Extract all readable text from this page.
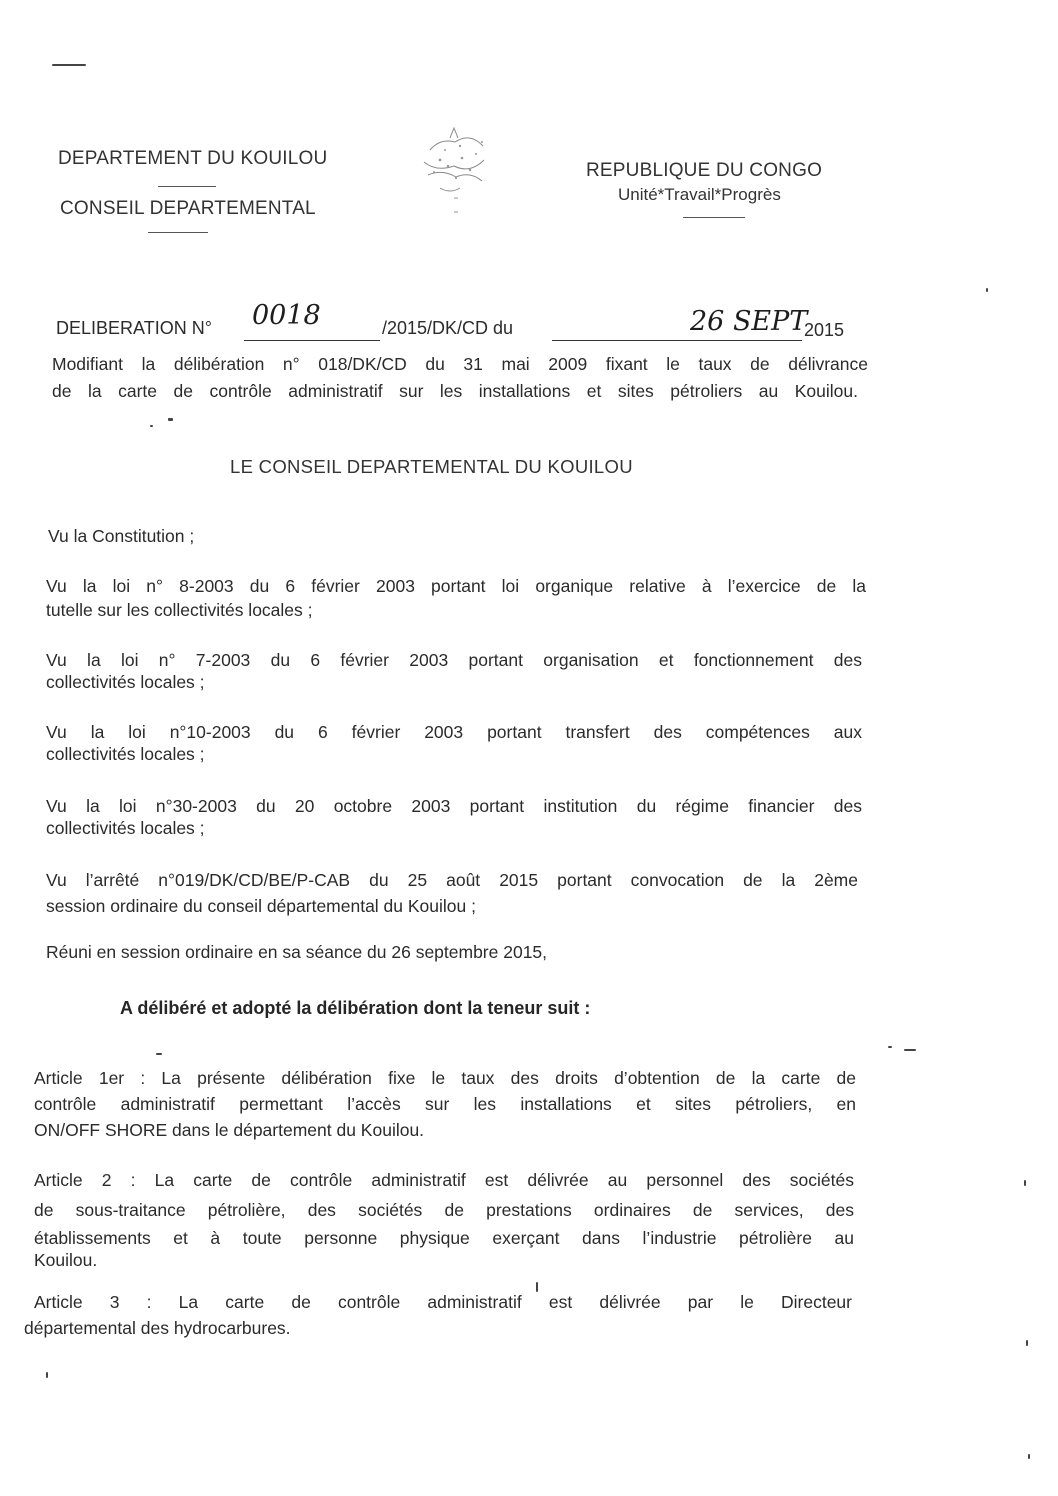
DEPARTEMENT DU KOUILOU
CONSEIL DEPARTEMENTAL
REPUBLIQUE DU CONGO
Unité*Travail*Progrès
DELIBERATION N° 0018	/2015/DK/CD du	26 SEPT
2015
Modifiant la délibération n° 018/DK/CD du 31 mai 2009 fixant le taux de délivrance
de la carte de contrôle administratif sur les installations et sites pétroliers au Kouilou.
LE CONSEIL DEPARTEMENTAL DU KOUILOU
Vu la Constitution ;
Vu la loi n° 8-2003 du 6 février 2003 portant loi organique relative à l’exercice de la
tutelle sur les collectivités locales ;
Vu la loi n° 7-2003 du 6 février 2003 portant organisation et fonctionnement des
collectivités locales ;
Vu la loi n°10-2003 du 6 février 2003 portant transfert des compétences aux
collectivités locales ;
Vu la loi n°30-2003 du 20 octobre 2003 portant institution du régime financier des
collectivités locales ;
Vu l’arrêté n°019/DK/CD/BE/P-CAB du 25 août 2015 portant convocation de la 2ème
session ordinaire du conseil départemental du Kouilou ;
Réuni en session ordinaire en sa séance du 26 septembre 2015,
A délibéré et adopté la délibération dont la teneur suit :
Article 1er : La présente délibération fixe le taux des droits d’obtention de la carte de
contrôle administratif permettant l’accès sur les installations et sites pétroliers, en
ON/OFF SHORE dans le département du Kouilou.
Article 2 : La carte de contrôle administratif est délivrée au personnel des sociétés
de sous-traitance pétrolière, des sociétés de prestations ordinaires de services, des
établissements et à toute personne physique exerçant dans l’industrie pétrolière au
Kouilou.
Article 3 : La carte de contrôle administratif est délivrée par le Directeur
départemental des hydrocarbures.
